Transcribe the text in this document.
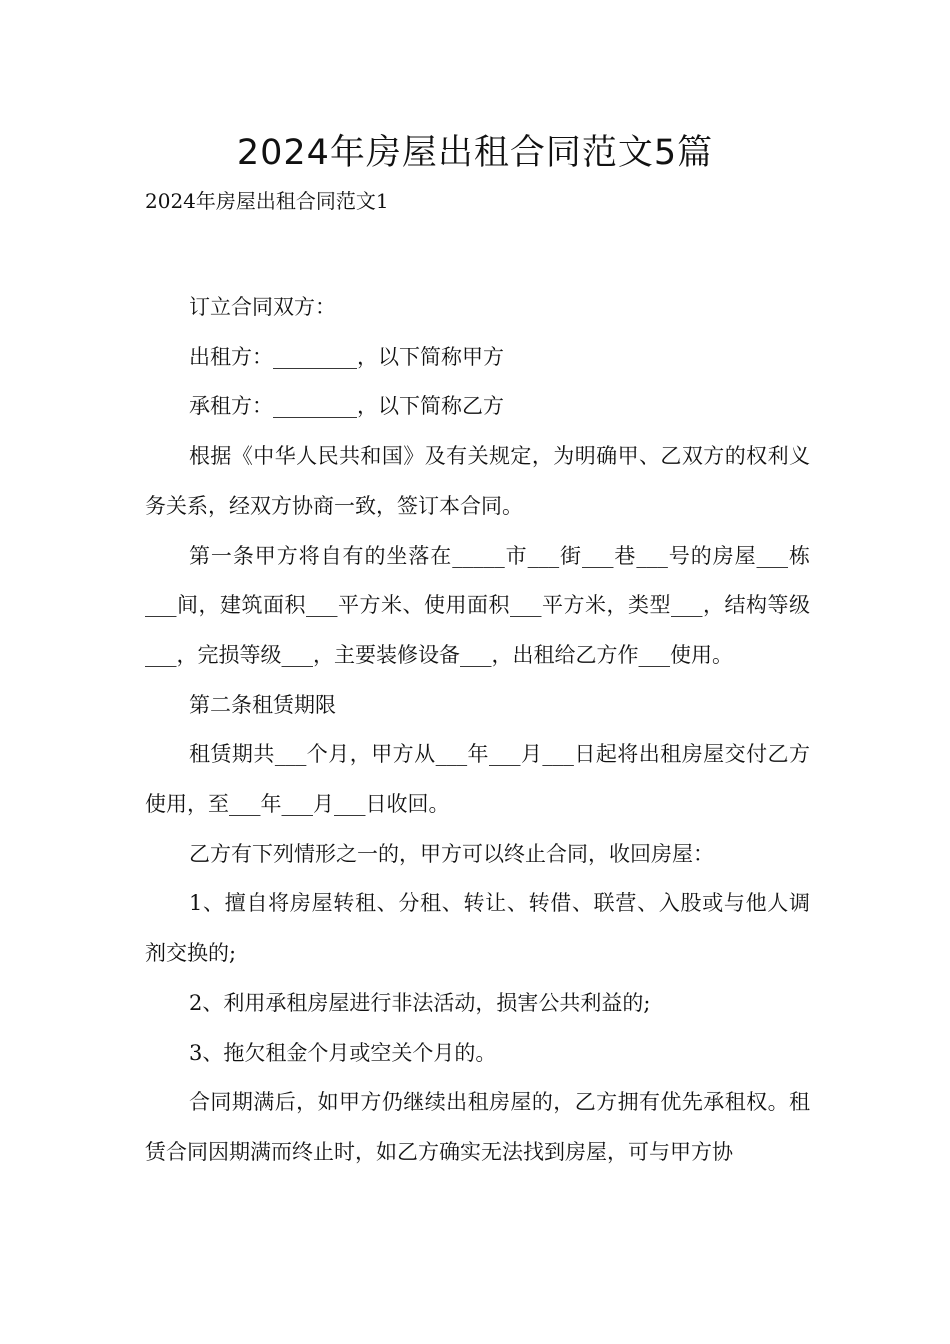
2024年房屋出租合同范文5篇
2024年房屋出租合同范文1

订立合同双方：

出租方：________，以下简称甲方

承租方：________，以下简称乙方

根据《中华人民共和国》及有关规定，为明确甲、乙双方的权利义务关系，经双方协商一致，签订本合同。

第一条甲方将自有的坐落在_____市___街___巷___号的房屋___栋___间，建筑面积___平方米、使用面积___平方米，类型___，结构等级___，完损等级___，主要装修设备___，出租给乙方作___使用。

第二条租赁期限

租赁期共___个月，甲方从___年___月___日起将出租房屋交付乙方使用，至___年___月___日收回。

乙方有下列情形之一的，甲方可以终止合同，收回房屋：

1、擅自将房屋转租、分租、转让、转借、联营、入股或与他人调剂交换的;

2、利用承租房屋进行非法活动，损害公共利益的;

3、拖欠租金个月或空关个月的。

合同期满后，如甲方仍继续出租房屋的，乙方拥有优先承租权。租赁合同因期满而终止时，如乙方确实无法找到房屋，可与甲方协
